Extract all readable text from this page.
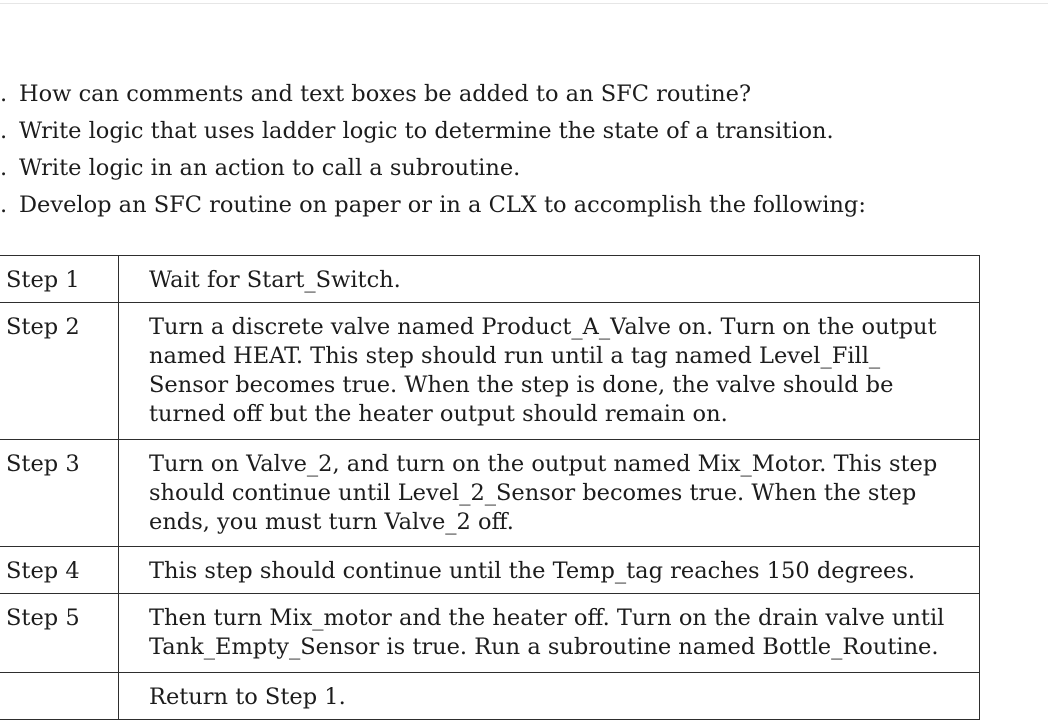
. How can comments and text boxes be added to an SFC routine?
. Write logic that uses ladder logic to determine the state of a transition.
. Write logic in an action to call a subroutine.
. Develop an SFC routine on paper or in a CLX to accomplish the following:
Step 1	Wait for Start_Switch.
Step 2	Turn a discrete valve named Product_A_Valve on. Turn on the output named HEAT. This step should run until a tag named Level_Fill_ Sensor becomes true. When the step is done, the valve should be turned off but the heater output should remain on.
Step 3	Turn on Valve_2, and turn on the output named Mix_Motor. This step should continue until Level_2_Sensor becomes true. When the step ends, you must turn Valve_2 off.
Step 4	This step should continue until the Temp_tag reaches 150 degrees.
Step 5	Then turn Mix_motor and the heater off. Turn on the drain valve until Tank_Empty_Sensor is true. Run a subroutine named Bottle_Routine.
	Return to Step 1.
